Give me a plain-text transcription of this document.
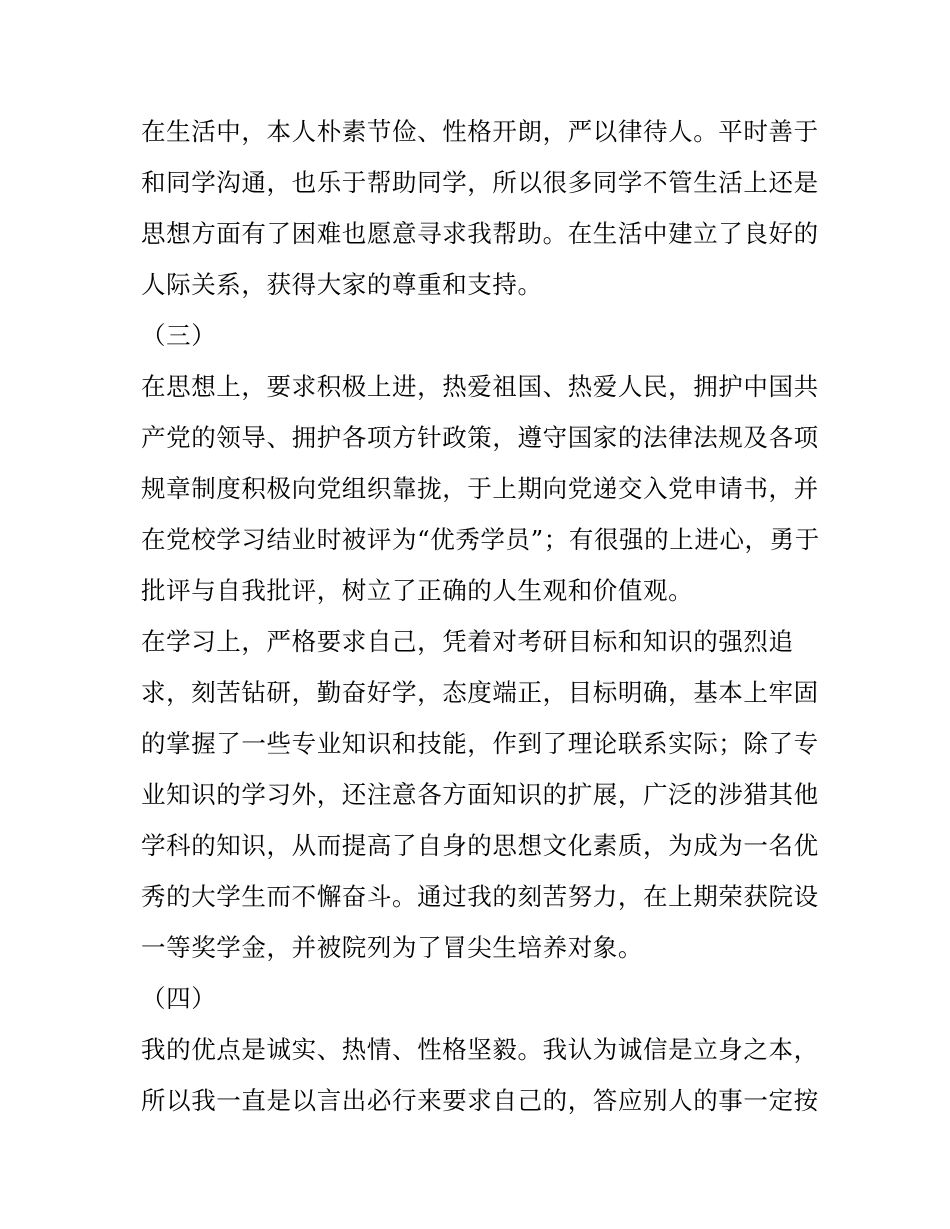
在生活中，本人朴素节俭、性格开朗，严以律待人。平时善于
和同学沟通，也乐于帮助同学，所以很多同学不管生活上还是
思想方面有了困难也愿意寻求我帮助。在生活中建立了良好的
人际关系，获得大家的尊重和支持。
（三）
在思想上，要求积极上进，热爱祖国、热爱人民，拥护中国共
产党的领导、拥护各项方针政策，遵守国家的法律法规及各项
规章制度积极向党组织靠拢，于上期向党递交入党申请书，并
在党校学习结业时被评为“优秀学员”；有很强的上进心，勇于
批评与自我批评，树立了正确的人生观和价值观。
在学习上，严格要求自己，凭着对考研目标和知识的强烈追
求，刻苦钻研，勤奋好学，态度端正，目标明确，基本上牢固
的掌握了一些专业知识和技能，作到了理论联系实际；除了专
业知识的学习外，还注意各方面知识的扩展，广泛的涉猎其他
学科的知识，从而提高了自身的思想文化素质，为成为一名优
秀的大学生而不懈奋斗。通过我的刻苦努力，在上期荣获院设
一等奖学金，并被院列为了冒尖生培养对象。
（四）
我的优点是诚实、热情、性格坚毅。我认为诚信是立身之本，
所以我一直是以言出必行来要求自己的，答应别人的事一定按
